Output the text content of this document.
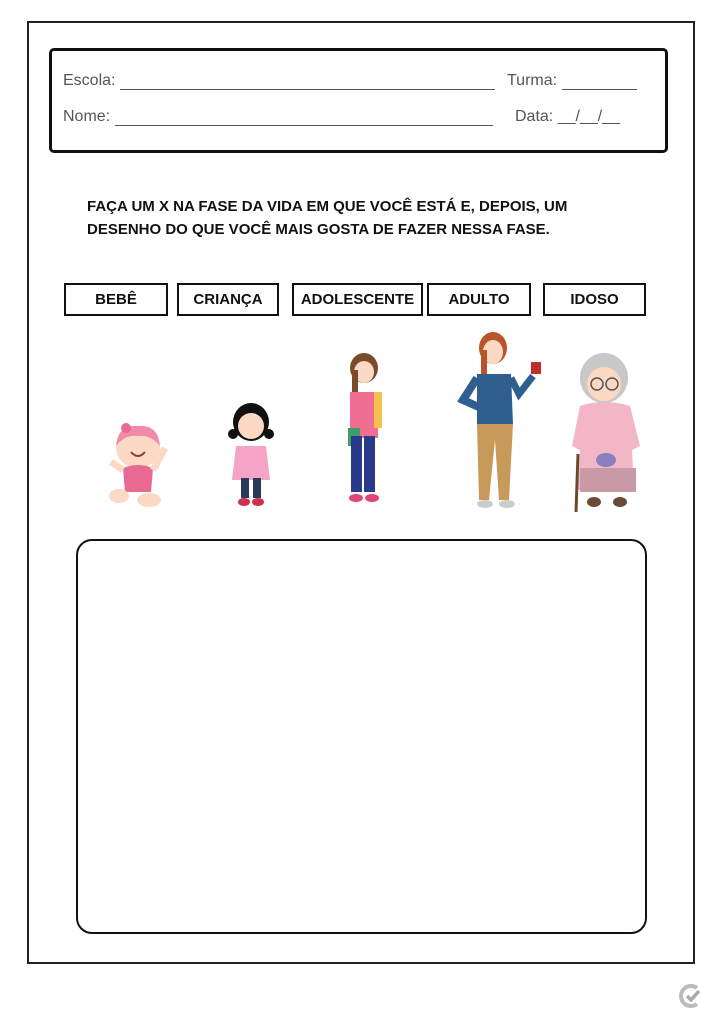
Escola:	Turma:
Nome:	Data:
__/__/__
FAÇA UM X NA FASE DA VIDA EM QUE VOCÊ ESTÁ E, DEPOIS, UM
DESENHO DO QUE VOCÊ MAIS GOSTA DE FAZER NESSA FASE.
BEBÊ	CRIANÇA	ADOLESCENTE ADULTO	IDOSO
